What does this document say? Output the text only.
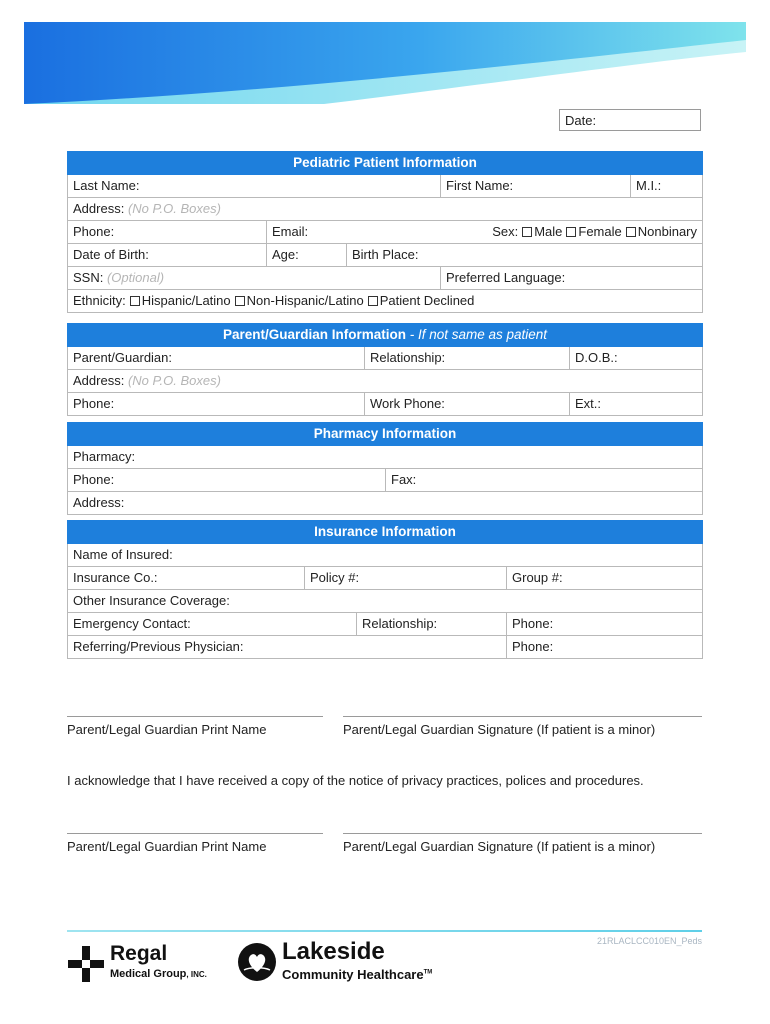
Date:
Pediatric Patient Information				
Last Name:			First Name:	M.I.:
Address: (No P.O. Boxes)				
Phone:	Email:		Sex: Male Female Nonbinary	
Date of Birth:	Age:	Birth Place:		
SSN: (Optional)			Preferred Language:	
Ethnicity: Hispanic/Latino Non-Hispanic/Latino Patient Declined				
Parent/Guardian Information - If not same as patient		
Parent/Guardian:	Relationship:	D.O.B.:
Address: (No P.O. Boxes)		
Phone:	Work Phone:	Ext.:
Pharmacy Information
Pharmacy:
Phone:	Fax:
Address:
Insurance Information			
Name of Insured:			
Insurance Co.:	Policy #:		Group #:
Other Insurance Coverage:			
Emergency Contact:		Relationship:	Phone:
Referring/Previous Physician:			Phone:
Parent/Legal Guardian Print Name	Parent/Legal Guardian Signature (If patient is a minor)
I acknowledge that I have received a copy of the notice of privacy practices, polices and procedures.
Parent/Legal Guardian Print Name	Parent/Legal Guardian Signature (If patient is a minor)
21RLACLCC010EN_Peds
Regal
Medical Group, INC.
Lakeside
Community Healthcare™
